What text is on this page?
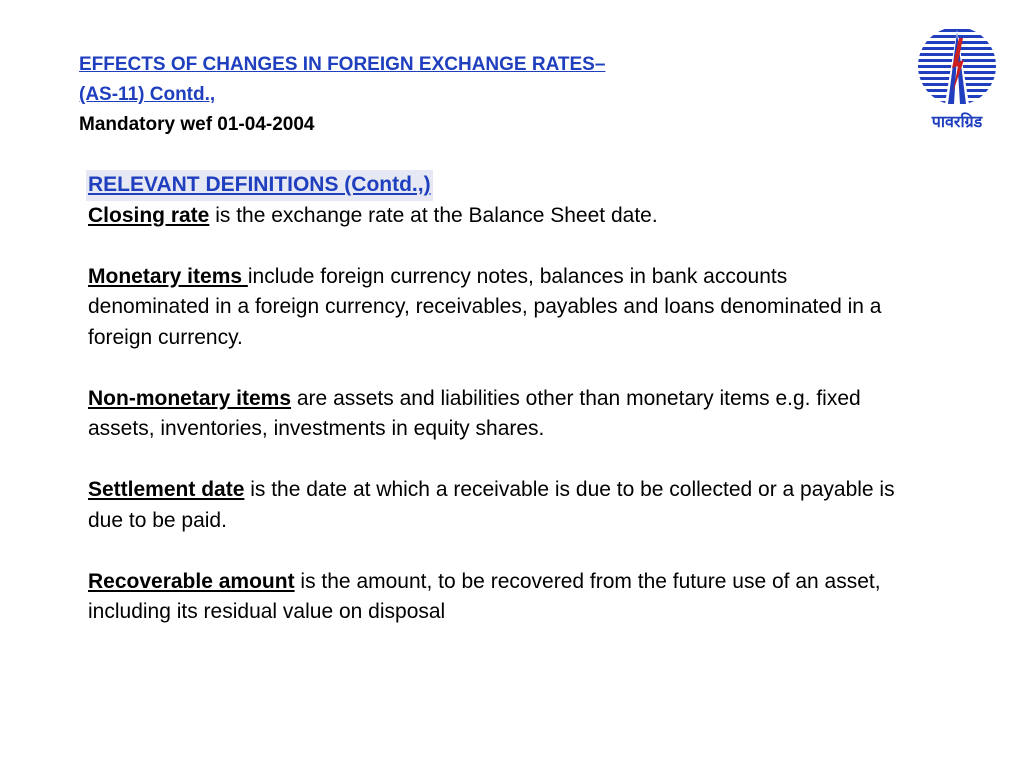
EFFECTS OF CHANGES IN FOREIGN EXCHANGE RATES–
(AS-11) Contd.,
Mandatory wef 01-04-2004	पावरग्रिड
RELEVANT DEFINITIONS (Contd.,)

Closing rate is the exchange rate at the Balance Sheet date.

Monetary items include foreign currency notes, balances in bank accounts denominated in a foreign currency, receivables, payables and loans denominated in a foreign currency.

Non-monetary items are assets and liabilities other than monetary items e.g. fixed assets, inventories, investments in equity shares.

Settlement date is the date at which a receivable is due to be collected or a payable is due to be paid.

Recoverable amount is the amount, to be recovered from the future use of an asset, including its residual value on disposal
